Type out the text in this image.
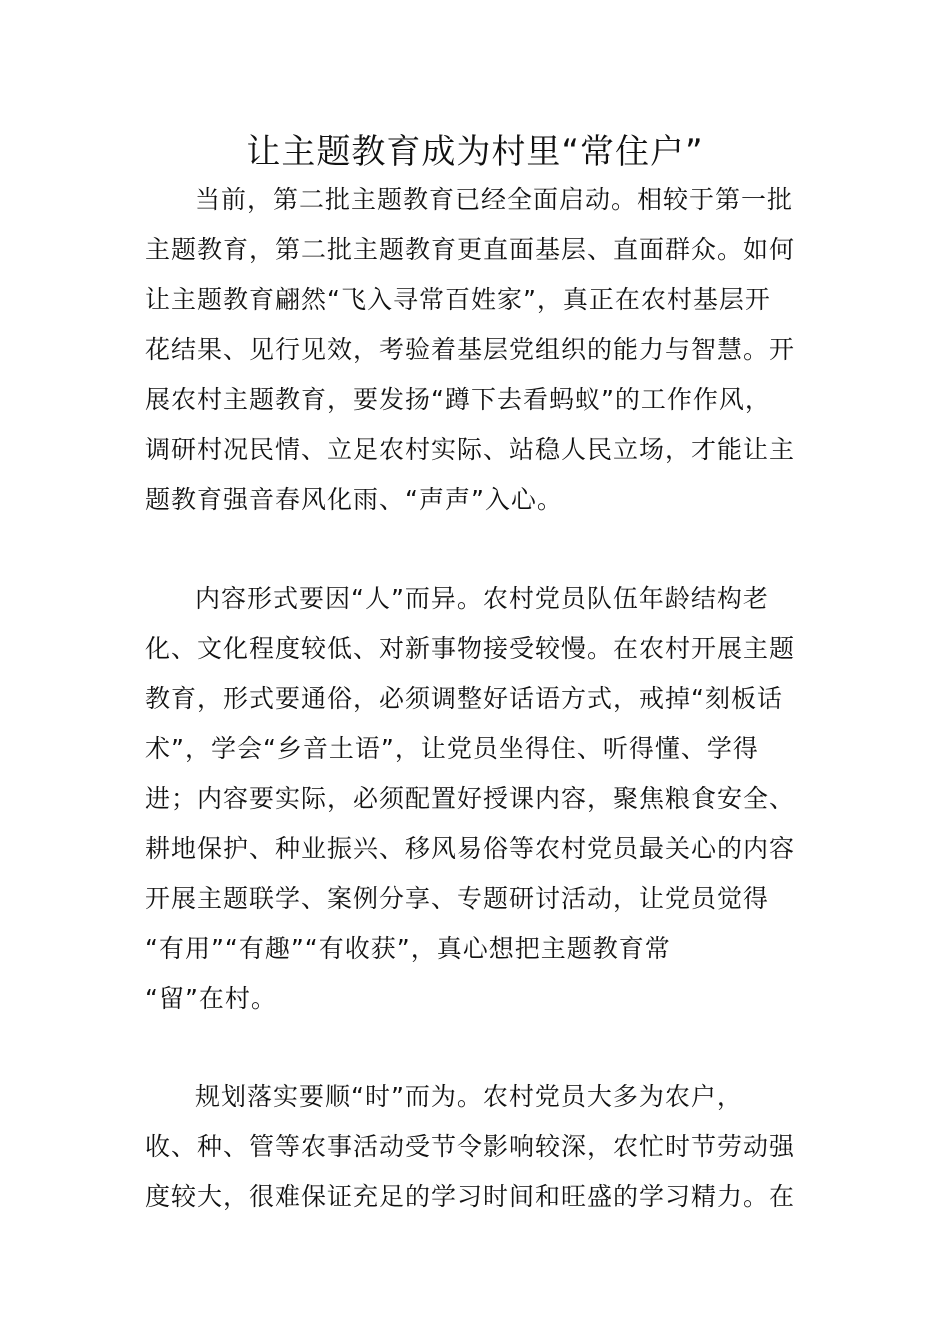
让主题教育成为村里“常住户”
当前，第二批主题教育已经全面启动。相较于第一批
主题教育，第二批主题教育更直面基层、直面群众。如何
让主题教育翩然“飞入寻常百姓家”，真正在农村基层开
花结果、见行见效，考验着基层党组织的能力与智慧。开
展农村主题教育，要发扬“蹲下去看蚂蚁”的工作作风，
调研村况民情、立足农村实际、站稳人民立场，才能让主
题教育强音春风化雨、“声声”入心。
内容形式要因“人”而异。农村党员队伍年龄结构老
化、文化程度较低、对新事物接受较慢。在农村开展主题
教育，形式要通俗，必须调整好话语方式，戒掉“刻板话
术”，学会“乡音土语”，让党员坐得住、听得懂、学得
进；内容要实际，必须配置好授课内容，聚焦粮食安全、
耕地保护、种业振兴、移风易俗等农村党员最关心的内容
开展主题联学、案例分享、专题研讨活动，让党员觉得
“有用”“有趣”“有收获”，真心想把主题教育常
“留”在村。
规划落实要顺“时”而为。农村党员大多为农户，
收、种、管等农事活动受节令影响较深，农忙时节劳动强
度较大，很难保证充足的学习时间和旺盛的学习精力。在
